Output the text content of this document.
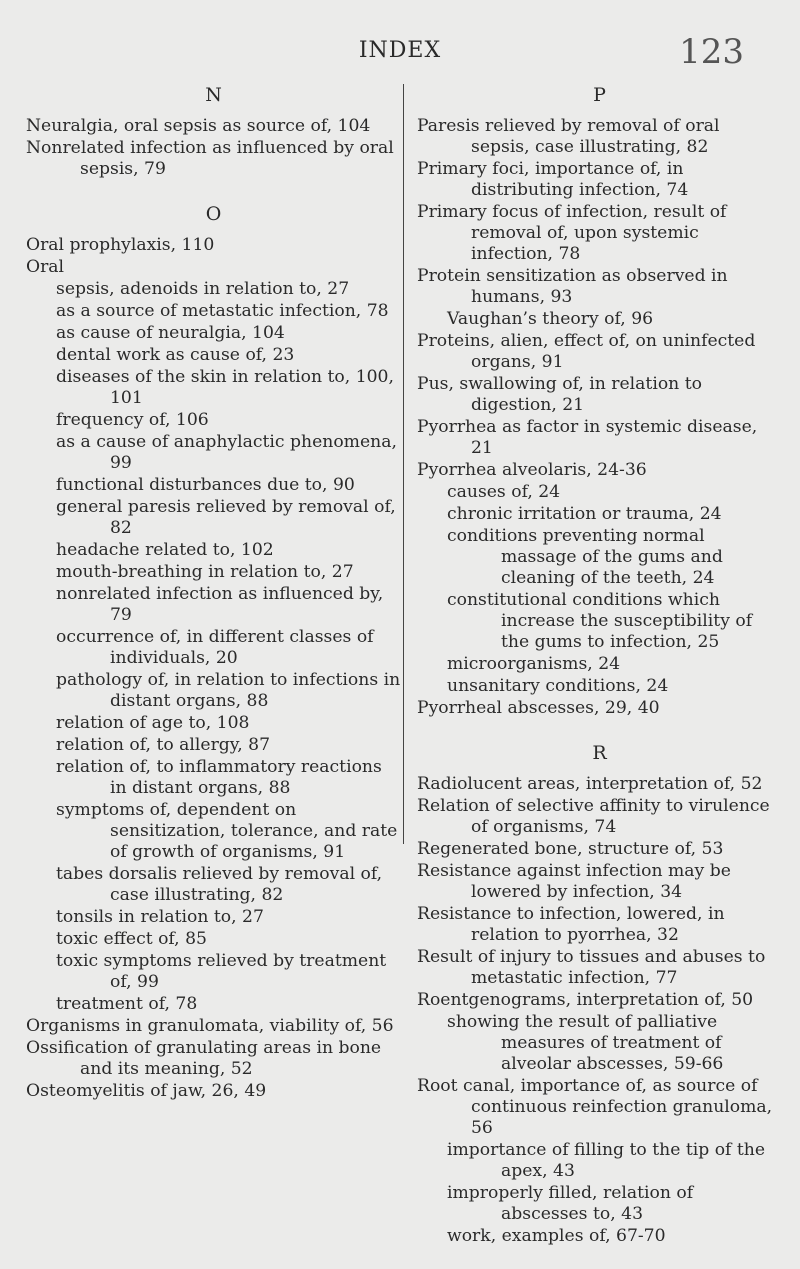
INDEX	123
N
Neuralgia, oral sepsis as source of, 104
Nonrelated infection as influenced by oral sepsis, 79
O
Oral prophylaxis, 110
Oral
sepsis, adenoids in relation to, 27
as a source of metastatic infection, 78
as cause of neuralgia, 104
dental work as cause of, 23
diseases of the skin in relation to, 100, 101
frequency of, 106
as a cause of anaphylactic phenomena, 99
functional disturbances due to, 90
general paresis relieved by removal of, 82
headache related to, 102
mouth-breathing in relation to, 27
nonrelated infection as influenced by, 79
occurrence of, in different classes of individuals, 20
pathology of, in relation to infections in distant organs, 88
relation of age to, 108
relation of, to allergy, 87
relation of, to inflammatory reactions in distant organs, 88
symptoms of, dependent on sensitization, tolerance, and rate of growth of organisms, 91
tabes dorsalis relieved by removal of, case illustrating, 82
tonsils in relation to, 27
toxic effect of, 85
toxic symptoms relieved by treatment of, 99
treatment of, 78
Organisms in granulomata, viability of, 56
Ossification of granulating areas in bone and its meaning, 52
Osteomyelitis of jaw, 26, 49
P
Paresis relieved by removal of oral sepsis, case illustrating, 82
Primary foci, importance of, in distributing infection, 74
Primary focus of infection, result of removal of, upon systemic infection, 78
Protein sensitization as observed in humans, 93
Vaughan’s theory of, 96
Proteins, alien, effect of, on uninfected organs, 91
Pus, swallowing of, in relation to digestion, 21
Pyorrhea as factor in systemic disease, 21
Pyorrhea alveolaris, 24-36
causes of, 24
chronic irritation or trauma, 24
conditions preventing normal massage of the gums and cleaning of the teeth, 24
constitutional conditions which increase the susceptibility of the gums to infection, 25
microorganisms, 24
unsanitary conditions, 24
Pyorrheal abscesses, 29, 40
R
Radiolucent areas, interpretation of, 52
Relation of selective affinity to virulence of organisms, 74
Regenerated bone, structure of, 53
Resistance against infection may be lowered by infection, 34
Resistance to infection, lowered, in relation to pyorrhea, 32
Result of injury to tissues and abuses to metastatic infection, 77
Roentgenograms, interpretation of, 50
showing the result of palliative measures of treatment of alveolar abscesses, 59-66
Root canal, importance of, as source of continuous reinfection granuloma, 56
importance of filling to the tip of the apex, 43
improperly filled, relation of abscesses to, 43
work, examples of, 67-70
